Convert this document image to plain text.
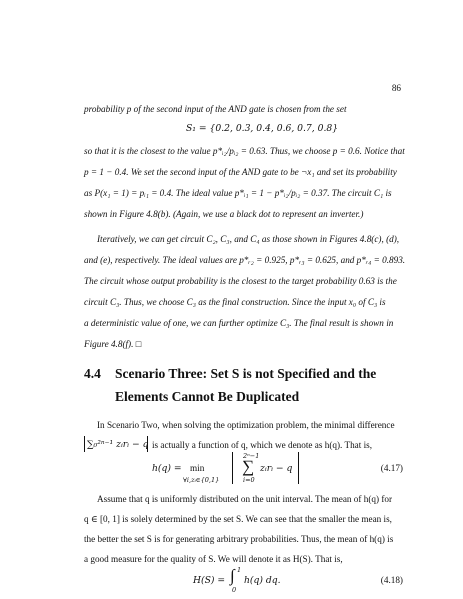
86
probability p of the second input of the AND gate is chosen from the set
S₁ = {0.2, 0.3, 0.4, 0.6, 0.7, 0.8}
so that it is the closest to the value p*ᵢ₂/pᵢ₂ = 0.63. Thus, we choose p = 0.6. Notice that
p = 1 − 0.4. We set the second input of the AND gate to be ¬x₁ and set its probability
as P(x₁ = 1) = pᵢ₁ = 0.4. The ideal value p*ᵢ₁ = 1 − p*ᵢ₂/pᵢ₂ = 0.37. The circuit C₁ is
shown in Figure 4.8(b). (Again, we use a black dot to represent an inverter.)
Iteratively, we can get circuit C₂, C₃, and C₄ as those shown in Figures 4.8(c), (d),
and (e), respectively. The ideal values are p*ᵣ₂ = 0.925, p*ᵣ₃ = 0.625, and p*ᵣ₄ = 0.893.
The circuit whose output probability is the closest to the target probability 0.63 is the
circuit C₃. Thus, we choose C₃ as the final construction. Since the input x₀ of C₃ is
a deterministic value of one, we can further optimize C₃. The final result is shown in
Figure 4.8(f). □
4.4 Scenario Three: Set S is not Specified and the
Elements Cannot Be Duplicated
In Scenario Two, when solving the optimization problem, the minimal difference
∑₀²ⁿ⁻¹ zᵢrᵢ − q is actually a function of q, which we denote as h(q). That is,
h(q) = min
∀i,zᵢ∈{0,1}
2ⁿ−1
∑
i=0
zᵢrᵢ − q	(4.17)
Assume that q is uniformly distributed on the unit interval. The mean of h(q) for
q ∈ [0, 1] is solely determined by the set S. We can see that the smaller the mean is,
the better the set S is for generating arbitrary probabilities. Thus, the mean of h(q) is
a good measure for the quality of S. We will denote it as H(S). That is,
H(S) =
1
∫
0
h(q) dq.	(4.18)
